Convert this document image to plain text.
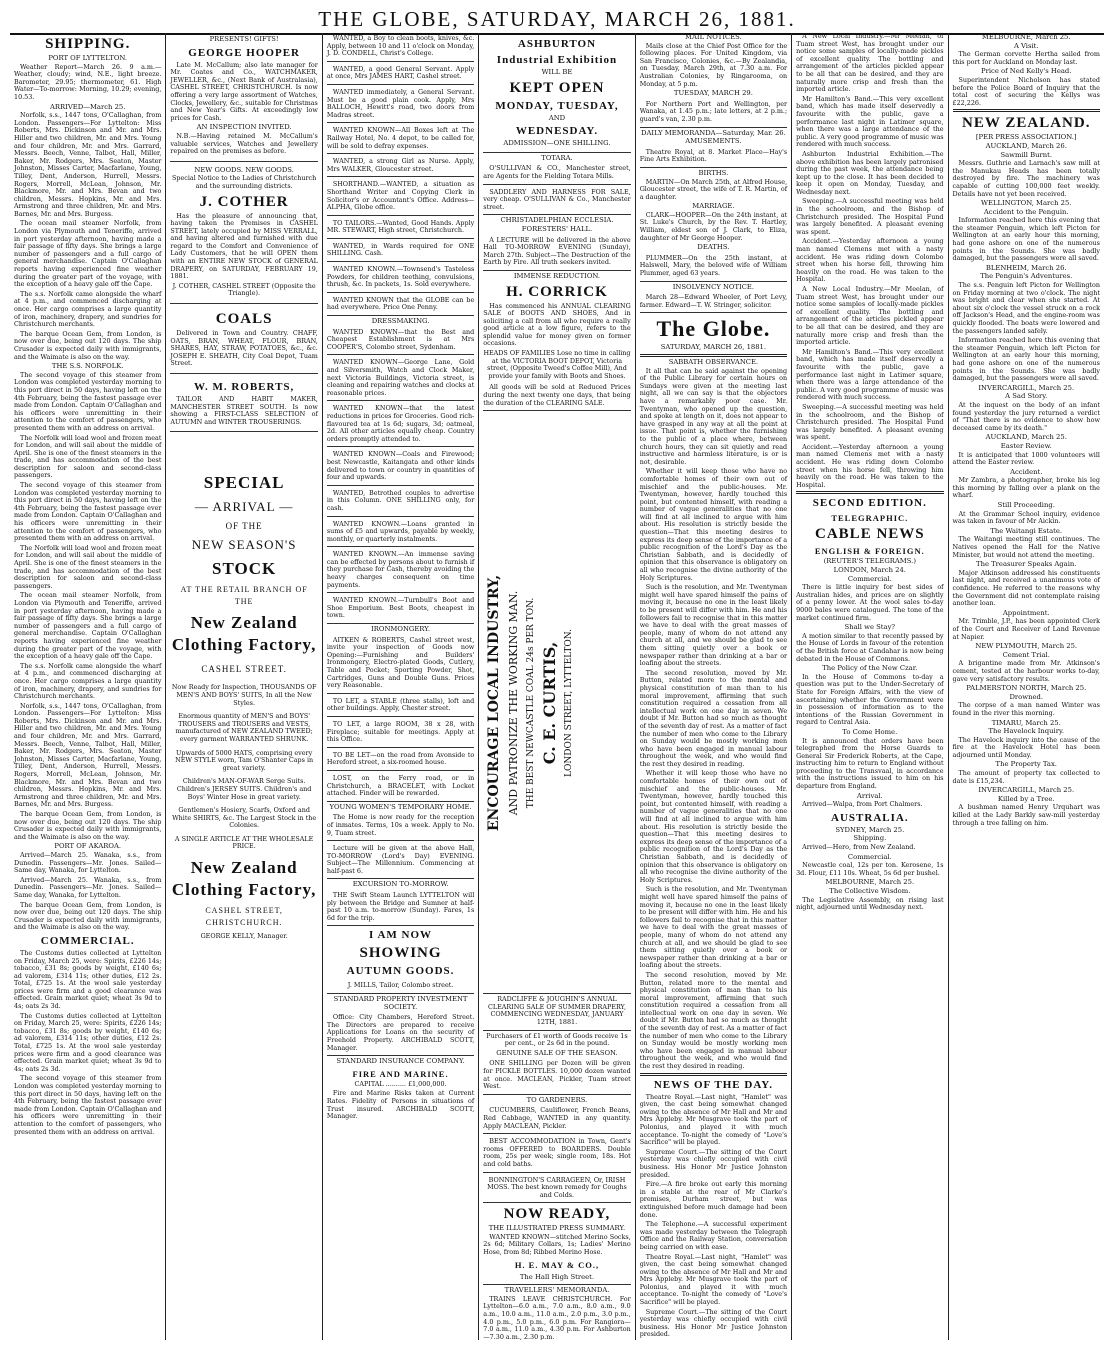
THE GLOBE, SATURDAY, MARCH 26, 1881.
SHIPPING.
PORT OF LYTTELTON.

Weather Report—March 26. 9 a.m.—Weather, cloudy; wind, N.E., light breeze. Barometer, 29.95; thermometer, 61. High Water—To-morrow: Morning, 10.29; evening, 10.53.

ARRIVED—March 25.

Norfolk, s.s., 1447 tons, O'Callaghan, from London. Passengers—For Lyttelton: Miss Roberts, Mrs. Dickinson and Mr. and Mrs. Hiller and two children, Mr. and Mrs. Young and four children, Mr. and Mrs. Garrard, Messrs. Beech, Venne, Talbot, Hall, Miller, Baker, Mr. Rodgers, Mrs. Seaton, Master Johnston, Misses Carter, Macfarlane, Young, Tilley, Dent, Anderson, Hurrell, Messrs. Rogers, Morrell, McLean, Johnson, Mr. Blackmore, Mr. and Mrs. Bevan and two children, Messrs. Hopkins, Mr. and Mrs. Armstrong and three children, Mr. and Mrs. Barnes, Mr. and Mrs. Burgess.

The ocean mail steamer Norfolk, from London via Plymouth and Teneriffe, arrived in port yesterday afternoon, having made a fair passage of fifty days. She brings a large number of passengers and a full cargo of general merchandise. Captain O'Callaghan reports having experienced fine weather during the greater part of the voyage, with the exception of a heavy gale off the Cape.

The s.s. Norfolk came alongside the wharf at 4 p.m., and commenced discharging at once. Her cargo comprises a large quantity of iron, machinery, drapery, and sundries for Christchurch merchants.

The barque Ocean Gem, from London, is now over due, being out 120 days. The ship Crusader is expected daily with immigrants, and the Waimate is also on the way.

THE S.S. NORFOLK.

The second voyage of this steamer from London was completed yesterday morning to this port direct in 50 days, having left on the 4th February, being the fastest passage ever made from London. Captain O'Callaghan and his officers were unremitting in their attention to the comfort of passengers, who presented them with an address on arrival.

The Norfolk will load wool and frozen meat for London, and will sail about the middle of April. She is one of the finest steamers in the trade, and has accommodation of the best description for saloon and second-class passengers.

The second voyage of this steamer from London was completed yesterday morning to this port direct in 50 days, having left on the 4th February, being the fastest passage ever made from London. Captain O'Callaghan and his officers were unremitting in their attention to the comfort of passengers, who presented them with an address on arrival.

The Norfolk will load wool and frozen meat for London, and will sail about the middle of April. She is one of the finest steamers in the trade, and has accommodation of the best description for saloon and second-class passengers.

The ocean mail steamer Norfolk, from London via Plymouth and Teneriffe, arrived in port yesterday afternoon, having made a fair passage of fifty days. She brings a large number of passengers and a full cargo of general merchandise. Captain O'Callaghan reports having experienced fine weather during the greater part of the voyage, with the exception of a heavy gale off the Cape.

The s.s. Norfolk came alongside the wharf at 4 p.m., and commenced discharging at once. Her cargo comprises a large quantity of iron, machinery, drapery, and sundries for Christchurch merchants.

Norfolk, s.s., 1447 tons, O'Callaghan, from London. Passengers—For Lyttelton: Miss Roberts, Mrs. Dickinson and Mr. and Mrs. Hiller and two children, Mr. and Mrs. Young and four children, Mr. and Mrs. Garrard, Messrs. Beech, Venne, Talbot, Hall, Miller, Baker, Mr. Rodgers, Mrs. Seaton, Master Johnston, Misses Carter, Macfarlane, Young, Tilley, Dent, Anderson, Hurrell, Messrs. Rogers, Morrell, McLean, Johnson, Mr. Blackmore, Mr. and Mrs. Bevan and two children, Messrs. Hopkins, Mr. and Mrs. Armstrong and three children, Mr. and Mrs. Barnes, Mr. and Mrs. Burgess.

The barque Ocean Gem, from London, is now over due, being out 120 days. The ship Crusader is expected daily with immigrants, and the Waimate is also on the way.

PORT OF AKAROA.

Arrived—March 25. Wanaka, s.s., from Dunedin. Passengers—Mr. Jones. Sailed—Same day, Wanaka, for Lyttelton.

Arrived—March 25. Wanaka, s.s., from Dunedin. Passengers—Mr. Jones. Sailed—Same day, Wanaka, for Lyttelton.

The barque Ocean Gem, from London, is now over due, being out 120 days. The ship Crusader is expected daily with immigrants, and the Waimate is also on the way.

COMMERCIAL.

The Customs duties collected at Lyttelton on Friday, March 25, were: Spirits, £226 14s; tobacco, £31 8s; goods by weight, £140 6s; ad valorem, £314 11s; other duties, £12 2s. Total, £725 1s. At the wool sale yesterday prices were firm and a good clearance was effected. Grain market quiet; wheat 3s 9d to 4s; oats 2s 3d.

The Customs duties collected at Lyttelton on Friday, March 25, were: Spirits, £226 14s; tobacco, £31 8s; goods by weight, £140 6s; ad valorem, £314 11s; other duties, £12 2s. Total, £725 1s. At the wool sale yesterday prices were firm and a good clearance was effected. Grain market quiet; wheat 3s 9d to 4s; oats 2s 3d.

The second voyage of this steamer from London was completed yesterday morning to this port direct in 50 days, having left on the 4th February, being the fastest passage ever made from London. Captain O'Callaghan and his officers were unremitting in their attention to the comfort of passengers, who presented them with an address on arrival.

PRESENTS! GIFTS!
GEORGE HOOPER

Late M. McCallum; also late manager for Mr. Coates and Co., WATCHMAKER, JEWELLER, &c., (Next Bank of Australasia), CASHEL STREET, CHRISTCHURCH. Is now offering a very large assortment of Watches, Clocks, Jewellery, &c., suitable for Christmas and New Year's Gifts. At exceedingly low prices for Cash.

AN INSPECTION INVITED.

N.B.—Having retained M. McCallum's valuable services, Watches and Jewellery repaired on the premises as before.

NEW GOODS. NEW GOODS.

Special Notice to the Ladies of Christchurch and the surrounding districts.

J. COTHER

Has the pleasure of announcing that, having taken the Premises in CASHEL STREET, lately occupied by MISS VERRALL, and having altered and furnished with due regard to the Comfort and Convenience of Lady Customers, that he will OPEN them with an ENTIRE NEW STOCK of GENERAL DRAPERY, on SATURDAY, FEBRUARY 19, 1881.

J. COTHER, CASHEL STREET (Opposite the Triangle).

COALS

Delivered in Town and Country. CHAFF, OATS, BRAN, WHEAT, FLOUR, BRAN, SHARES, HAY, STRAW, POTATOES, &c., &c. JOSEPH E. SHEATH, City Coal Depot, Tuam Street.

W. M. ROBERTS,

TAILOR AND HABIT MAKER, MANCHESTER STREET SOUTH. Is now showing a FIRST-CLASS SELECTION of AUTUMN and WINTER TROUSERINGS.

SPECIAL
— ARRIVAL —
OF THE
NEW SEASON'S
STOCK
AT THE RETAIL BRANCH OF THE
New Zealand Clothing Factory,
CASHEL STREET.

Now Ready for Inspection, THOUSANDS OF MEN'S AND BOYS' SUITS, In all the New Styles.

Enormous quantity of MEN'S and BOYS' TROUSERS and TROUSERS and VESTS, manufactured of NEW ZEALAND TWEED; every garment WARRANTED SHRUNK.

Upwards of 5000 HATS, comprising every NEW STYLE worn, Tam O'Shanter Caps in great variety.

Children's MAN-OF-WAR Serge Suits. Children's JERSEY SUITS. Children's and Boys' Winter Hose in great variety.

Gentlemen's Hosiery, Scarfs, Oxford and White SHIRTS, &c. The Largest Stock in the Colonies.

A SINGLE ARTICLE AT THE WHOLESALE PRICE.

New Zealand Clothing Factory,
CASHEL STREET, CHRISTCHURCH.

GEORGE KELLY, Manager.

WANTED, a Boy to clean boots, knives, &c. Apply, between 10 and 11 o'clock on Monday, J. D. CONDELL, Christ's College.

WANTED, a good General Servant. Apply at once, Mrs JAMES HART, Cashel street.

WANTED immediately, a General Servant. Must be a good plain cook. Apply, Mrs BALLOCH, Hewitt's road, two doors from Madras street.

WANTED KNOWN—All Boxes left at The Railway Hotel, No. 4 depot, to be called for, will be sold to defray expenses.

WANTED, a strong Girl as Nurse. Apply, Mrs WALKER, Gloucester street.

SHORTHAND.—WANTED, a situation as Shorthand Writer and Copying Clerk in Solicitor's or Accountant's Office. Address—ALPHA, Globe office.

TO TAILORS.—Wanted, Good Hands. Apply MR. STEWART, High street, Christchurch.

WANTED, in Wards required for ONE SHILLING. Cash.

WANTED KNOWN.—Townsend's Tasteless Powders, for children teething, convulsions, thrush, &c. In packets, 1s. Sold everywhere.

WANTED KNOWN that the GLOBE can be had everywhere. Price One Penny.

DRESSMAKING.

WANTED KNOWN—that the Best and Cheapest Establishment is at Mrs COOPER'S, Colombo street, Sydenham.

WANTED KNOWN—George Lane, Gold and Silversmith, Watch and Clock Maker, next Victoria Buildings, Victoria street, is cleaning and repairing watches and clocks at reasonable prices.

WANTED KNOWN—that the latest reductions in prices for Groceries. Good rich-flavoured tea at 1s 6d; sugars, 3d; oatmeal, 2d. All other articles equally cheap. Country orders promptly attended to.

WANTED KNOWN—Coals and Firewood; best Newcastle, Kaitangata and other kinds delivered to town or country in quantities of four and upwards.

WANTED, Betrothed couples to advertise in this Column. ONE SHILLING only, for cash.

WANTED KNOWN.—Loans granted in sums of £5 and upwards, payable by weekly, monthly, or quarterly instalments.

WANTED KNOWN.—An immense saving can be effected by persons about to furnish if they purchase for Cash, thereby avoiding the heavy charges consequent on time payments.

WANTED KNOWN.—Turnbull's Boot and Shoe Emporium. Best Boots, cheapest in town.

IRONMONGERY.

AITKEN & ROBERTS, Cashel street west, invite your inspection of Goods now Opening:—Furnishing and Builders' Ironmongery, Electro-plated Goods, Cutlery, Table and Pocket; Sporting Powder, Shot, Cartridges, Guns and Double Guns. Prices very Reasonable.

TO LET, a STABLE (three stalls), loft and other buildings. Apply, Chester street.

TO LET, a large ROOM, 38 x 28, with Fireplace; suitable for meetings. Apply at this Office.

TO BE LET—on the road from Avonside to Hereford street, a six-roomed house.

LOST, on the Ferry road, or in Christchurch, a BRACELET, with Locket attached. Finder will be rewarded.

YOUNG WOMEN'S TEMPORARY HOME.

The Home is now ready for the reception of inmates. Terms, 10s a week. Apply to No. 9, Tuam street.

Lecture will be given at the above Hall, TO-MORROW (Lord's Day) EVENING. Subject—The Millennium. Commencing at half-past 6.

EXCURSION TO-MORROW.

THE Swift Steam Launch LYTTELTON will ply between the Bridge and Sumner at half-past 10 a.m. to-morrow (Sunday). Fares, 1s 6d for the trip.

I AM NOW
SHOWING
AUTUMN GOODS.

J. MILLS, Tailor, Colombo street.

STANDARD PROPERTY INVESTMENT SOCIETY.

Office: City Chambers, Hereford Street. The Directors are prepared to receive Applications for Loans on the security of Freehold Property. ARCHIBALD SCOTT, Manager.

STANDARD INSURANCE COMPANY.
FIRE AND MARINE.

CAPITAL .......... £1,000,000.

Fire and Marine Risks taken at Current Rates. Fidelity of Persons in situations of Trust insured. ARCHIBALD SCOTT, Manager.

ASHBURTON
Industrial Exhibition
WILL BE
KEPT OPEN
MONDAY, TUESDAY,
AND
WEDNESDAY.
ADMISSION—ONE SHILLING.
TOTARA.

O'SULLIVAN & CO., Manchester street, are Agents for the Fielding Totara Mills.

SADDLERY AND HARNESS FOR SALE, very cheap. O'SULLIVAN & Co., Manchester street.

CHRISTADELPHIAN ECCLESIA.
FORESTERS' HALL.

A LECTURE will be delivered in the above Hall TO-MORROW EVENING (Sunday), March 27th. Subject—The Destruction of the Earth by Fire. All truth seekers invited.

IMMENSE REDUCTION.
H. CORRICK

Has commenced his ANNUAL CLEARING SALE of BOOTS AND SHOES, And in soliciting a call from all who require a really good article at a low figure, refers to the splendid value for money given on former occasions.

HEADS OF FAMILIES Lose no time in calling at the VICTORIA BOOT DEPOT, Victoria street, (Opposite Tweed's Coffee Mill), And provide your family with Boots and Shoes.

All goods will be sold at Reduced Prices during the next twenty one days, that being the duration of the CLEARING SALE.

ENCOURAGE LOCAL INDUSTRY, AND PATRONIZE THE WORKING MAN. THE BEST NEWCASTLE COAL 24s PER TON. C. E. CURTIS, LONDON STREET, LYTTELTON.

RADCLIFFE & JOUGHIN'S ANNUAL CLEARING SALE OF SUMMER DRAPERY, COMMENCING WEDNESDAY, JANUARY 12TH, 1881.

Purchasers of £1 worth of Goods receive 1s per cent., or 2s 6d in the pound.

GENUINE SALE OF THE SEASON.

ONE SHILLING per Dozen will be given for PICKLE BOTTLES. 10,000 dozen wanted at once. MACLEAN, Pickler, Tuam street West.

TO GARDENERS.

CUCUMBERS, Cauliflower, French Beans, Red Cabbage, WANTED in any quantity. Apply MACLEAN, Pickler.

BEST ACCOMMODATION in Town, Gent's rooms OFFERED to BOARDERS. Double room, 25s per week; single room, 18s. Hot and cold baths.

BONNINGTON'S CARRAGEEN, Or, IRISH MOSS. The best known remedy for Coughs and Colds.

NOW READY,
THE ILLUSTRATED PRESS SUMMARY.

WANTED KNOWN—stitched Merino Socks, 2s 6d; Military Collars, 1s; Ladies' Merino Hose, from 8d; Ribbed Merino Hose.

H. E. MAY & CO.,
The Hall High Street.
TRAVELLERS' MEMORANDA.

TRAINS LEAVE CHRISTCHURCH. For Lyttelton—6.0 a.m., 7.0 a.m., 8.0 a.m., 9.0 a.m., 10.0 a.m., 11.0 a.m., 2.0 p.m., 3.0 p.m., 4.0 p.m., 5.0 p.m., 6.0 p.m. For Rangiora—7.0 a.m., 11.0 a.m., 4.30 p.m. For Ashburton—7.30 a.m., 2.30 p.m.

MAIL NOTICES.

Mails close at the Chief Post Office for the following places. For United Kingdom, via San Francisco, Colonies, &c.—By Zealandia, on Tuesday, March 29th, at 7.30 a.m. For Australian Colonies, by Ringarooma, on Monday, at 5 p.m.

TUESDAY, MARCH 29.

For Northern Port and Wellington, per Wanaka, at 1.45 p.m.; late letters, at 2 p.m.; guard's van, 2.30 p.m.

DAILY MEMORANDA—Saturday, Mar. 26.
AMUSEMENTS.

Theatre Royal, at 8. Market Place—Hay's Fine Arts Exhibition.

BIRTHS.

MARTIN—On March 25th, at Alfred House, Gloucester street, the wife of T. R. Martin, of a daughter.

MARRIAGE.

CLARK—HOOPER—On the 24th instant, at St. Luke's Church, by the Rev. T. Hartley, William, eldest son of J. Clark, to Eliza, daughter of Mr George Hooper.

DEATHS.

PLUMMER—On the 25th instant, at Halswell, Mary, the beloved wife of William Plummer, aged 63 years.

INSOLVENCY NOTICE.

March 28—Edward Wheeler, of Port Levy, farmer. Edward—T. W. Stringer, solicitor.

The Globe.
SATURDAY, MARCH 26, 1881.
SABBATH OBSERVANCE.

It all that can be said against the opening of the Public Library for certain hours on Sundays were given at the meeting last night, all we can say is that the objectors have a remarkably poor case. Mr. Twentyman, who opened up the question, and spoke at length on it, does not appear to have grasped in any way at all the point at issue. That point is, whether the furnishing to the public of a place where, between church hours, they can sit quietly and read instructive and harmless literature, is or is not, desirable.

Whether it will keep those who have no comfortable homes of their own out of mischief and the public-houses. Mr. Twentyman, however, hardly touched this point, but contented himself, with reading a number of vague generalities that no one will find at all inclined to argue with him about. His resolution is strictly beside the question—That this meeting desires to express its deep sense of the importance of a public recognition of the Lord's Day as the Christian Sabbath, and is decidedly of opinion that this observance is obligatory on all who recognise the divine authority of the Holy Scriptures.

Such is the resolution, and Mr. Twentyman might well have spared himself the pains of moving it, because no one in the least likely to be present will differ with him. He and his followers fail to recognise that in this matter we have to deal with the great masses of people, many of whom do not attend any church at all, and we should be glad to see them sitting quietly over a book or newspaper rather than drinking at a bar or loafing about the streets.

The second resolution, moved by Mr. Button, related more to the mental and physical constitution of man than to his moral improvement, affirming that such constitution required a cessation from all intellectual work on one day in seven. We doubt if Mr. Button had so much as thought of the seventh day of rest. As a matter of fact the number of men who come to the Library on Sunday would be mostly working men who have been engaged in manual labour throughout the week, and who would find the rest they desired in reading.

Whether it will keep those who have no comfortable homes of their own out of mischief and the public-houses. Mr. Twentyman, however, hardly touched this point, but contented himself, with reading a number of vague generalities that no one will find at all inclined to argue with him about. His resolution is strictly beside the question—That this meeting desires to express its deep sense of the importance of a public recognition of the Lord's Day as the Christian Sabbath, and is decidedly of opinion that this observance is obligatory on all who recognise the divine authority of the Holy Scriptures.

Such is the resolution, and Mr. Twentyman might well have spared himself the pains of moving it, because no one in the least likely to be present will differ with him. He and his followers fail to recognise that in this matter we have to deal with the great masses of people, many of whom do not attend any church at all, and we should be glad to see them sitting quietly over a book or newspaper rather than drinking at a bar or loafing about the streets.

The second resolution, moved by Mr. Button, related more to the mental and physical constitution of man than to his moral improvement, affirming that such constitution required a cessation from all intellectual work on one day in seven. We doubt if Mr. Button had so much as thought of the seventh day of rest. As a matter of fact the number of men who come to the Library on Sunday would be mostly working men who have been engaged in manual labour throughout the week, and who would find the rest they desired in reading.

NEWS OF THE DAY.

Theatre Royal.—Last night, "Hamlet" was given, the cast being somewhat changed owing to the absence of Mr Hall and Mr and Mrs Appleby. Mr Musgrave took the part of Polonius, and played it with much acceptance. To-night the comedy of "Love's Sacrifice" will be played.

Supreme Court.—The sitting of the Court yesterday was chiefly occupied with civil business. His Honor Mr Justice Johnston presided.

Fire.—A fire broke out early this morning in a stable at the rear of Mr Clarke's premises, Durham street, but was extinguished before much damage had been done.

The Telephone.—A successful experiment was made yesterday between the Telegraph Office and the Railway Station, conversation being carried on with ease.

Theatre Royal.—Last night, "Hamlet" was given, the cast being somewhat changed owing to the absence of Mr Hall and Mr and Mrs Appleby. Mr Musgrave took the part of Polonius, and played it with much acceptance. To-night the comedy of "Love's Sacrifice" will be played.

Supreme Court.—The sitting of the Court yesterday was chiefly occupied with civil business. His Honor Mr Justice Johnston presided.

A New Local Industry.—Mr Meelan, of Tuam street West, has brought under our notice some samples of locally-made pickles of excellent quality. The bottling and arrangement of the articles pickled appear to be all that can be desired, and they are naturally more crisp and fresh than the imported article.

Mr Hamilton's Band.—This very excellent band, which has made itself deservedly a favourite with the public, gave a performance last night in Latimer square, when there was a large attendance of the public. A very good programme of music was rendered with much success.

Ashburton Industrial Exhibition.—The above exhibition has been largely patronised during the past week, the attendance being kept up to the close. It has been decided to keep it open on Monday, Tuesday, and Wednesday next.

Sweeping.—A successful meeting was held in the schoolroom, and the Bishop of Christchurch presided. The Hospital Fund was largely benefited. A pleasant evening was spent.

Accident.—Yesterday afternoon a young man named Clemens met with a nasty accident. He was riding down Colombo street when his horse fell, throwing him heavily on the road. He was taken to the Hospital.

A New Local Industry.—Mr Meelan, of Tuam street West, has brought under our notice some samples of locally-made pickles of excellent quality. The bottling and arrangement of the articles pickled appear to be all that can be desired, and they are naturally more crisp and fresh than the imported article.

Mr Hamilton's Band.—This very excellent band, which has made itself deservedly a favourite with the public, gave a performance last night in Latimer square, when there was a large attendance of the public. A very good programme of music was rendered with much success.

Sweeping.—A successful meeting was held in the schoolroom, and the Bishop of Christchurch presided. The Hospital Fund was largely benefited. A pleasant evening was spent.

Accident.—Yesterday afternoon a young man named Clemens met with a nasty accident. He was riding down Colombo street when his horse fell, throwing him heavily on the road. He was taken to the Hospital.

SECOND EDITION.
TELEGRAPHIC.
CABLE NEWS
ENGLISH & FOREIGN.
(REUTER'S TELEGRAMS.)
LONDON, March 24.
Commercial.

There is little inquiry for best sides of Australian hides, and prices are on slightly of a penny lower. At the wool sales to-day 9000 bales were catalogued. The tone of the market continued firm.

Shall we Stay?

A motion similar to that recently passed by the House of Lords in favour of the retention of the British force at Candahar is now being debated in the House of Commons.

The Policy of the New Czar.

In the House of Commons to-day a question was put to the Under-Secretary of State for Foreign Affairs, with the view of ascertaining whether the Government were in possession of information as to the intentions of the Russian Government in regard to Central Asia.

To Come Home.

It is announced that orders have been telegraphed from the Horse Guards to General Sir Frederick Roberts, at the Cape, instructing him to return to England without proceeding to the Transvaal, in accordance with the instructions issued to him on his departure from England.

Arrival.

Arrived—Walpa, from Port Chalmers.

AUSTRALIA.
SYDNEY, March 25.
Shipping.

Arrived—Hero, from New Zealand.

Commercial.

Newcastle coal, 12s per ton. Kerosene, 1s 3d. Flour, £11 10s. Wheat, 5s 6d per bushel.

MELBOURNE, March 25.
The Collective Wisdom.

The Legislative Assembly, on rising last night, adjourned until Wednesday next.

MELBOURNE, March 25.
A Visit.

The German corvette Hertha sailed from this port for Auckland on Monday last.

Price of Ned Kelly's Head.

Superintendent Nicholson has stated before the Police Board of Inquiry that the total cost of securing the Kellys was £22,226.

NEW ZEALAND.
[PER PRESS ASSOCIATION.]
AUCKLAND, March 26.
Sawmill Burnt.

Messrs. Guthrie and Larnach's saw mill at the Manukau Heads has been totally destroyed by fire. The machinery was capable of cutting 100,000 feet weekly. Details have not yet been received.

WELLINGTON, March 25.
Accident to the Penguin.

Information reached here this evening that the steamer Penguin, which left Picton for Wellington at an early hour this morning, had gone ashore on one of the numerous points in the Sounds. She was badly damaged, but the passengers were all saved.

BLENHEIM, March 26.
The Penguin's Adventures.

The s.s. Penguin left Picton for Wellington on Friday morning at two o'clock. The night was bright and clear when she started. At about six o'clock the vessel struck on a rock off Jackson's Head, and the engine-room was quickly flooded. The boats were lowered and the passengers landed safely.

Information reached here this evening that the steamer Penguin, which left Picton for Wellington at an early hour this morning, had gone ashore on one of the numerous points in the Sounds. She was badly damaged, but the passengers were all saved.

INVERCARGILL, March 25.
A Sad Story.

At the inquest on the body of an infant found yesterday the jury returned a verdict of "That there is no evidence to show how deceased came by its death."

AUCKLAND, March 25.
Easter Review.

It is anticipated that 1000 volunteers will attend the Easter review.

Accident.

Mr Zambra, a photographer, broke his leg this morning by falling over a plank on the wharf.

Still Proceeding.

At the Grammar School inquiry, evidence was taken in favour of Mr Aickin.

The Waitangi Estate.

The Waitangi meeting still continues. The Natives opened the Hall for the Native Minister, but would not attend the meeting.

The Treasurer Speaks Again.

Major Atkinson addressed his constituents last night, and received a unanimous vote of confidence. He referred to the reasons why the Government did not contemplate raising another loan.

Appointment.

Mr. Trimble, J.P., has been appointed Clerk of the Court and Receiver of Land Revenue at Napier.

NEW PLYMOUTH, March 25.
Cement Trial.

A brigantine made from Mr. Atkinson's cement, tested at the harbour works to-day, gave very satisfactory results.

PALMERSTON NORTH, March 25.
Drowned.

The corpse of a man named Winter was found in the river this morning.

TIMARU, March 25.
The Havelock Inquiry.

The Havelock inquiry into the cause of the fire at the Havelock Hotel has been adjourned until Monday.

The Property Tax.

The amount of property tax collected to date is £15,234.

INVERCARGILL, March 25.
Killed by a Tree.

A bushman named Henry Urquhart was killed at the Lady Barkly saw-mill yesterday through a tree falling on him.
